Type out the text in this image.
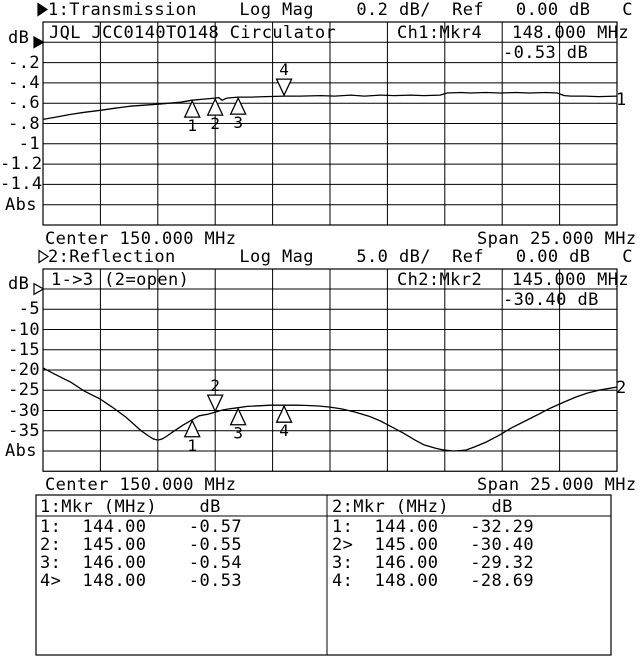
1 2 3
4
1
2
3 4
1:Transmission    Log Mag    0.2 dB/  Ref   0.00 dB   C
JQL JCC0140TO148 Circulator	Ch1:Mkr4 148.000 MHz
-0.53 dB
dB
Abs
1
Center 150.000 MHz	Span 25.000 MHz
-.2
-.4
-.6
-.8
-1
-1.2
-1.4
2:Reflection      Log Mag    5.0 dB/  Ref   0.00 dB   C
1->3 (2=open)	Ch2:Mkr2 145.000 MHz
-30.40 dB
dB
Abs
2
Center 150.000 MHz	Span 25.000 MHz
-5
-10
-15
-20
-25
-30
-35
1:Mkr (MHz)    dB	2:Mkr (MHz)    dB
1:  144.00    -0.57
2:  145.00    -0.55
3:  146.00    -0.54
4>  148.00    -0.53
1:  144.00   -32.29
2>  145.00   -30.40
3:  146.00   -29.32
4:  148.00   -28.69
